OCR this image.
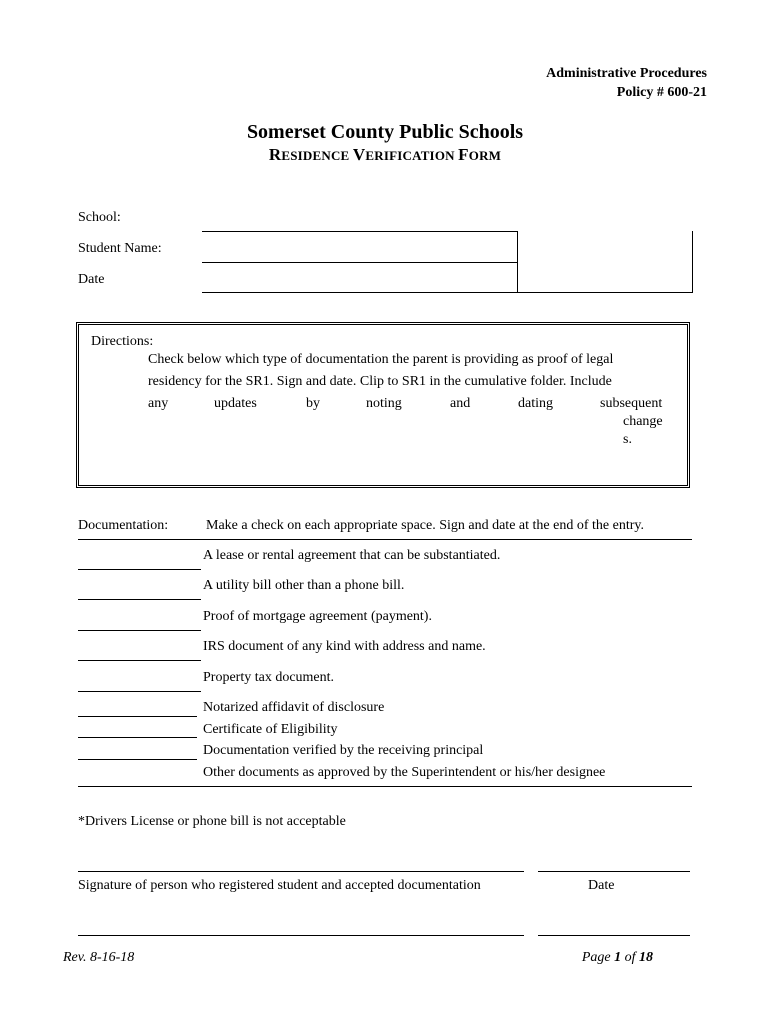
Administrative Procedures
Policy # 600-21
Somerset County Public Schools
RESIDENCE VERIFICATION FORM
School:
Student Name:
Date
Directions:
Check below which type of documentation the parent is providing as proof of legal
residency for the SR1. Sign and date. Clip to SR1 in the cumulative folder. Include
any	updates	by	noting	and	dating	subsequent
change
s.
Documentation:	Make a check on each appropriate space. Sign and date at the end of the entry.
A lease or rental agreement that can be substantiated.
A utility bill other than a phone bill.
Proof of mortgage agreement (payment).
IRS document of any kind with address and name.
Property tax document.
Notarized affidavit of disclosure
Certificate of Eligibility
Documentation verified by the receiving principal
Other documents as approved by the Superintendent or his/her designee
*Drivers License or phone bill is not acceptable
Signature of person who registered student and accepted documentation	Date
Rev. 8-16-18	Page 1 of 18
